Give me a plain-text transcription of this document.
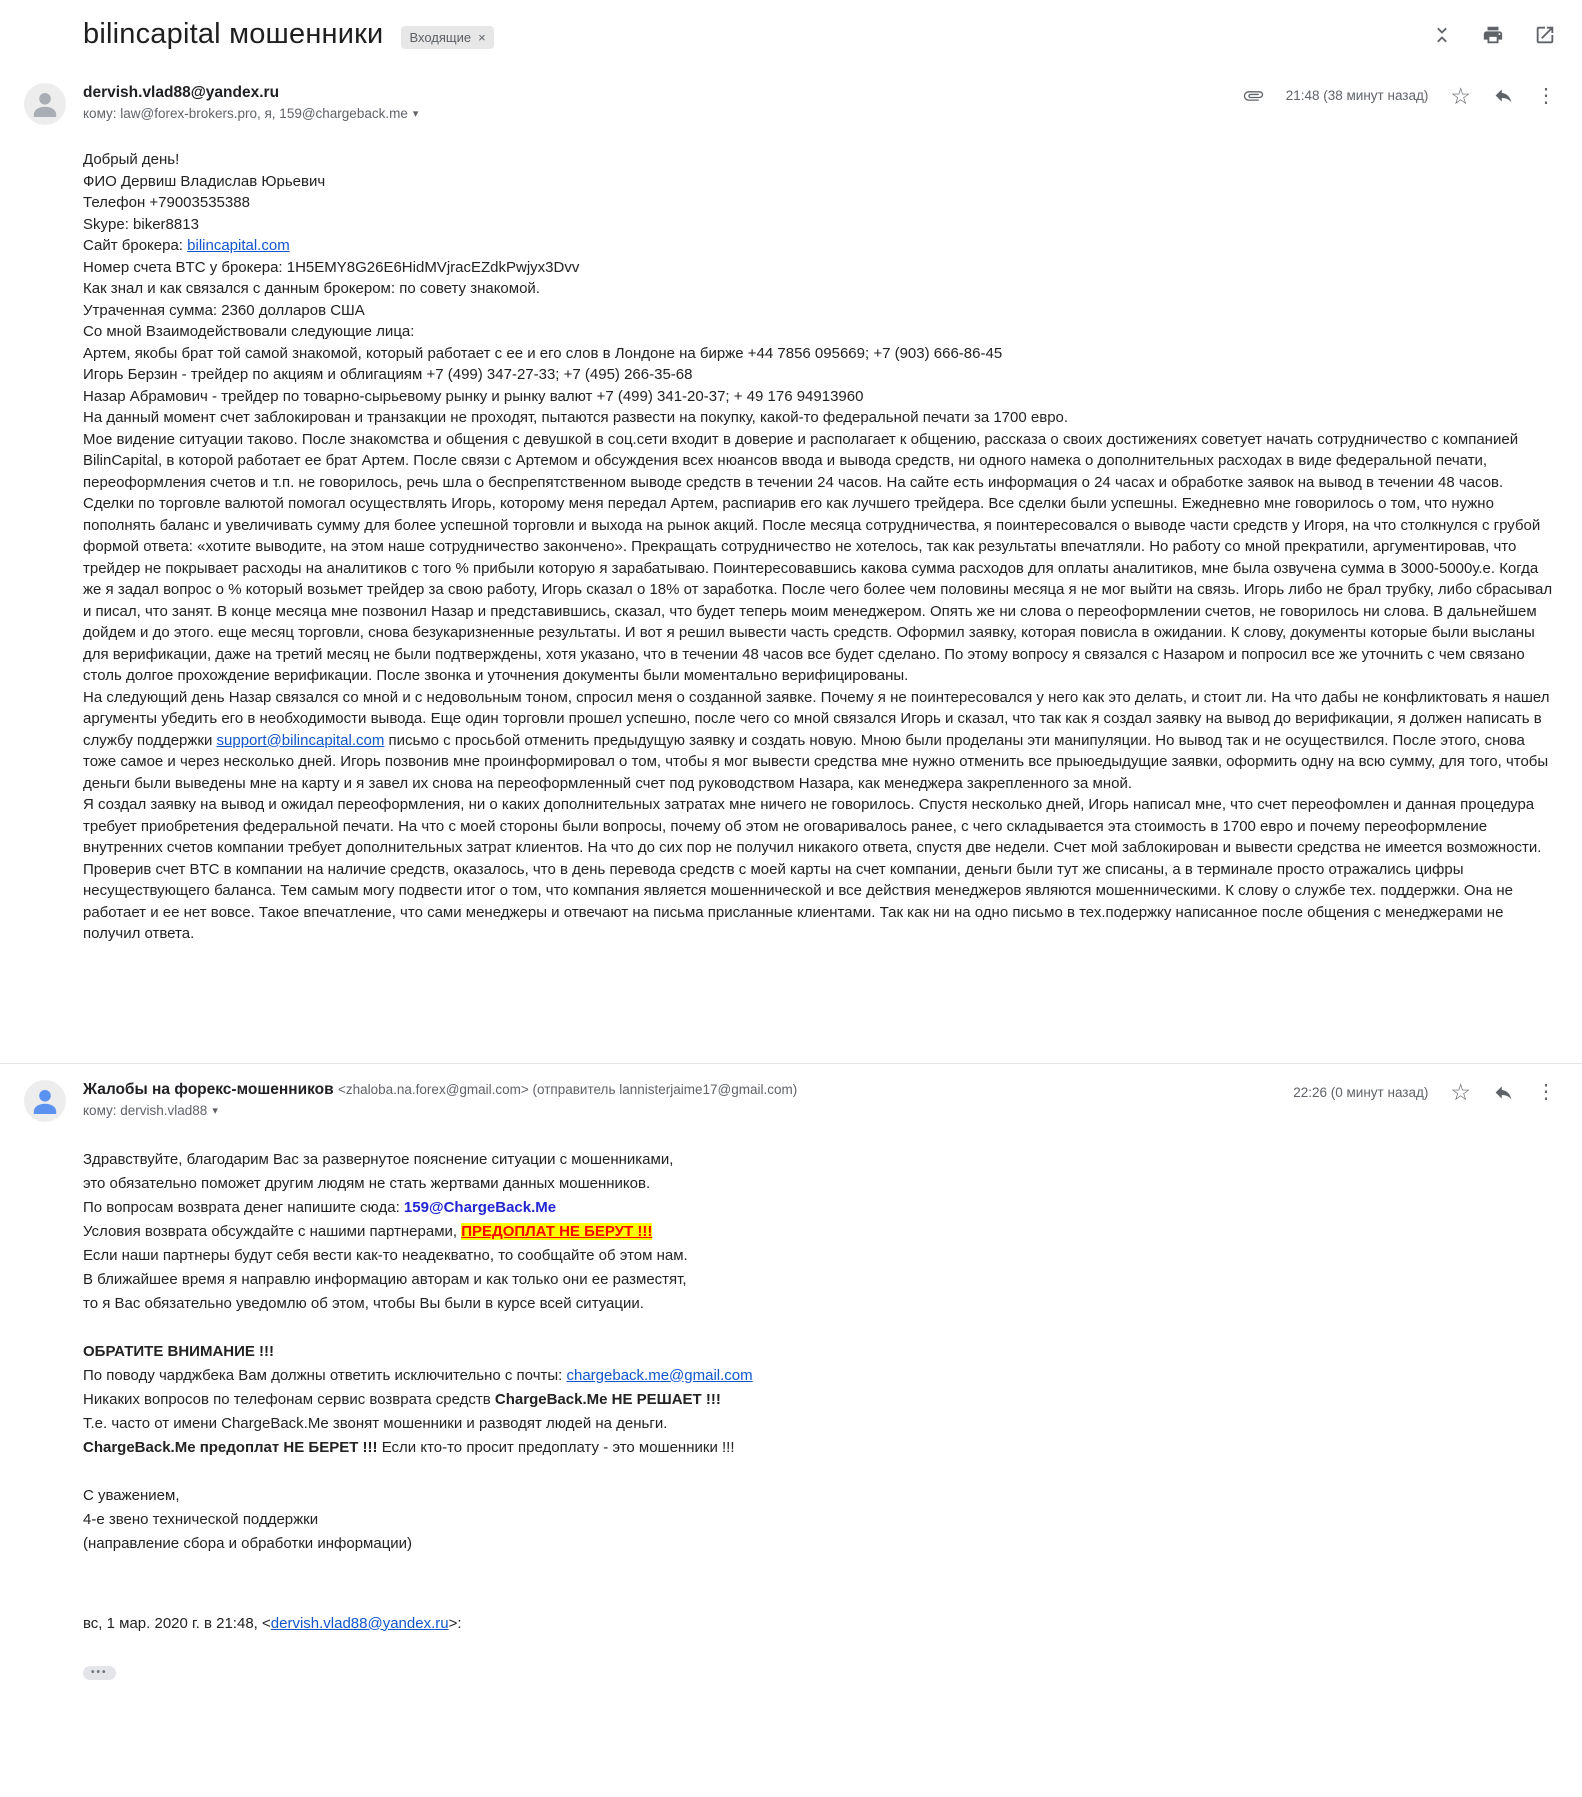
bilincapital мошенники Входящие ×
dervish.vlad88@yandex.ru
кому: law@forex-brokers.pro, я, 159@chargeback.me ▾
21:48 (38 минут назад) ☆	⋮
Добрый день!
ФИО Дервиш Владислав Юрьевич
Телефон +79003535388
Skype: biker8813
Сайт брокера: bilincapital.com
Номер счета BTC у брокера: 1H5EMY8G26E6HidMVjracEZdkPwjyx3Dvv
Как знал и как связался с данным брокером: по совету знакомой.
Утраченная сумма: 2360 долларов США
Со мной Взаимодействовали следующие лица:
Артем, якобы брат той самой знакомой, который работает с ее и его слов в Лондоне на бирже +44 7856 095669; +7 (903) 666-86-45
Игорь Берзин - трейдер по акциям и облигациям +7 (499) 347-27-33; +7 (495) 266-35-68
Назар Абрамович - трейдер по товарно-сырьевому рынку и рынку валют +7 (499) 341-20-37; + 49 176 94913960
На данный момент счет заблокирован и транзакции не проходят, пытаются развести на покупку, какой-то федеральной печати за 1700 евро.
Мое видение ситуации таково. После знакомства и общения с девушкой в соц.сети входит в доверие и располагает к общению, рассказа о своих достижениях советует начать сотрудничество с компанией BilinCapital, в которой работает ее брат Артем. После связи с Артемом и обсуждения всех нюансов ввода и вывода средств, ни одного намека о дополнительных расходах в виде федеральной печати, переоформления счетов и т.п. не говорилось, речь шла о беспрепятственном выводе средств в течении 24 часов. На сайте есть информация о 24 часах и обработке заявок на вывод в течении 48 часов.
Сделки по торговле валютой помогал осуществлять Игорь, которому меня передал Артем, распиарив его как лучшего трейдера. Все сделки были успешны. Ежедневно мне говорилось о том, что нужно пополнять баланс и увеличивать сумму для более успешной торговли и выхода на рынок акций. После месяца сотрудничества, я поинтересовался о выводе части средств у Игоря, на что столкнулся с грубой формой ответа: «хотите выводите, на этом наше сотрудничество закончено». Прекращать сотрудничество не хотелось, так как результаты впечатляли. Но работу со мной прекратили, аргументировав, что трейдер не покрывает расходы на аналитиков с того % прибыли которую я зарабатываю. Поинтересовавшись какова сумма расходов для оплаты аналитиков, мне была озвучена сумма в 3000-5000у.е. Когда же я задал вопрос о % который возьмет трейдер за свою работу, Игорь сказал о 18% от заработка. После чего более чем половины месяца я не мог выйти на связь. Игорь либо не брал трубку, либо сбрасывал и писал, что занят. В конце месяца мне позвонил Назар и представившись, сказал, что будет теперь моим менеджером. Опять же ни слова о переоформлении счетов, не говорилось ни слова. В дальнейшем дойдем и до этого. еще месяц торговли, снова безукаризненные результаты. И вот я решил вывести часть средств. Оформил заявку, которая повисла в ожидании. К слову, документы которые были высланы для верификации, даже на третий месяц не были подтверждены, хотя указано, что в течении 48 часов все будет сделано. По этому вопросу я связался с Назаром и попросил все же уточнить с чем связано столь долгое прохождение верификации. После звонка и уточнения документы были моментально верифицированы.
На следующий день Назар связался со мной и с недовольным тоном, спросил меня о созданной заявке. Почему я не поинтересовался у него как это делать, и стоит ли. На что дабы не конфликтовать я нашел аргументы убедить его в необходимости вывода. Еще один торговли прошел успешно, после чего со мной связался Игорь и сказал, что так как я создал заявку на вывод до верификации, я должен написать в службу поддержки support@bilincapital.com письмо с просьбой отменить предыдущую заявку и создать новую. Мною были проделаны эти манипуляции. Но вывод так и не осуществился. После этого, снова тоже самое и через несколько дней. Игорь позвонив мне проинформировал о том, чтобы я мог вывести средства мне нужно отменить все прыюедыдущие заявки, оформить одну на всю сумму, для того, чтобы деньги были выведены мне на карту и я завел их снова на переоформленный счет под руководством Назара, как менеджера закрепленного за мной.
Я создал заявку на вывод и ожидал переоформления, ни о каких дополнительных затратах мне ничего не говорилось. Спустя несколько дней, Игорь написал мне, что счет переофомлен и данная процедура требует приобретения федеральной печати. На что с моей стороны были вопросы, почему об этом не оговаривалось ранее, с чего складывается эта стоимость в 1700 евро и почему переоформление внутренних счетов компании требует дополнительных затрат клиентов. На что до сих пор не получил никакого ответа, спустя две недели. Счет мой заблокирован и вывести средства не имеется возможности. Проверив счет BTC в компании на наличие средств, оказалось, что в день перевода средств с моей карты на счет компании, деньги были тут же списаны, а в терминале просто отражались цифры несуществующего баланса. Тем самым могу подвести итог о том, что компания является мошеннической и все действия менеджеров являются мошенническими. К слову о службе тех. поддержки. Она не работает и ее нет вовсе. Такое впечатление, что сами менеджеры и отвечают на письма присланные клиентами. Так как ни на одно письмо в тех.подержку написанное после общения с менеджерами не получил ответа.
Жалобы на форекс-мошенников <zhaloba.na.forex@gmail.com> (отправитель lannisterjaime17@gmail.com)
кому: dervish.vlad88 ▾
22:26 (0 минут назад) ☆	⋮
Здравствуйте, благодарим Вас за развернутое пояснение ситуации с мошенниками,
это обязательно поможет другим людям не стать жертвами данных мошенников.
По вопросам возврата денег напишите сюда: 159@ChargeBack.Me
Условия возврата обсуждайте с нашими партнерами, ПРЕДОПЛАТ НЕ БЕРУТ !!!
Если наши партнеры будут себя вести как-то неадекватно, то сообщайте об этом нам.
В ближайшее время я направлю информацию авторам и как только они ее разместят,
то я Вас обязательно уведомлю об этом, чтобы Вы были в курсе всей ситуации.
ОБРАТИТЕ ВНИМАНИЕ !!!
По поводу чарджбека Вам должны ответить исключительно с почты: chargeback.me@gmail.com
Никаких вопросов по телефонам сервис возврата средств ChargeBack.Me НЕ РЕШАЕТ !!!
Т.е. часто от имени ChargeBack.Me звонят мошенники и разводят людей на деньги.
ChargeBack.Me предоплат НЕ БЕРЕТ !!! Если кто-то просит предоплату - это мошенники !!!
С уважением,
4-е звено технической поддержки
(направление сбора и обработки информации)
вс, 1 мар. 2020 г. в 21:48, <dervish.vlad88@yandex.ru>:
•••
